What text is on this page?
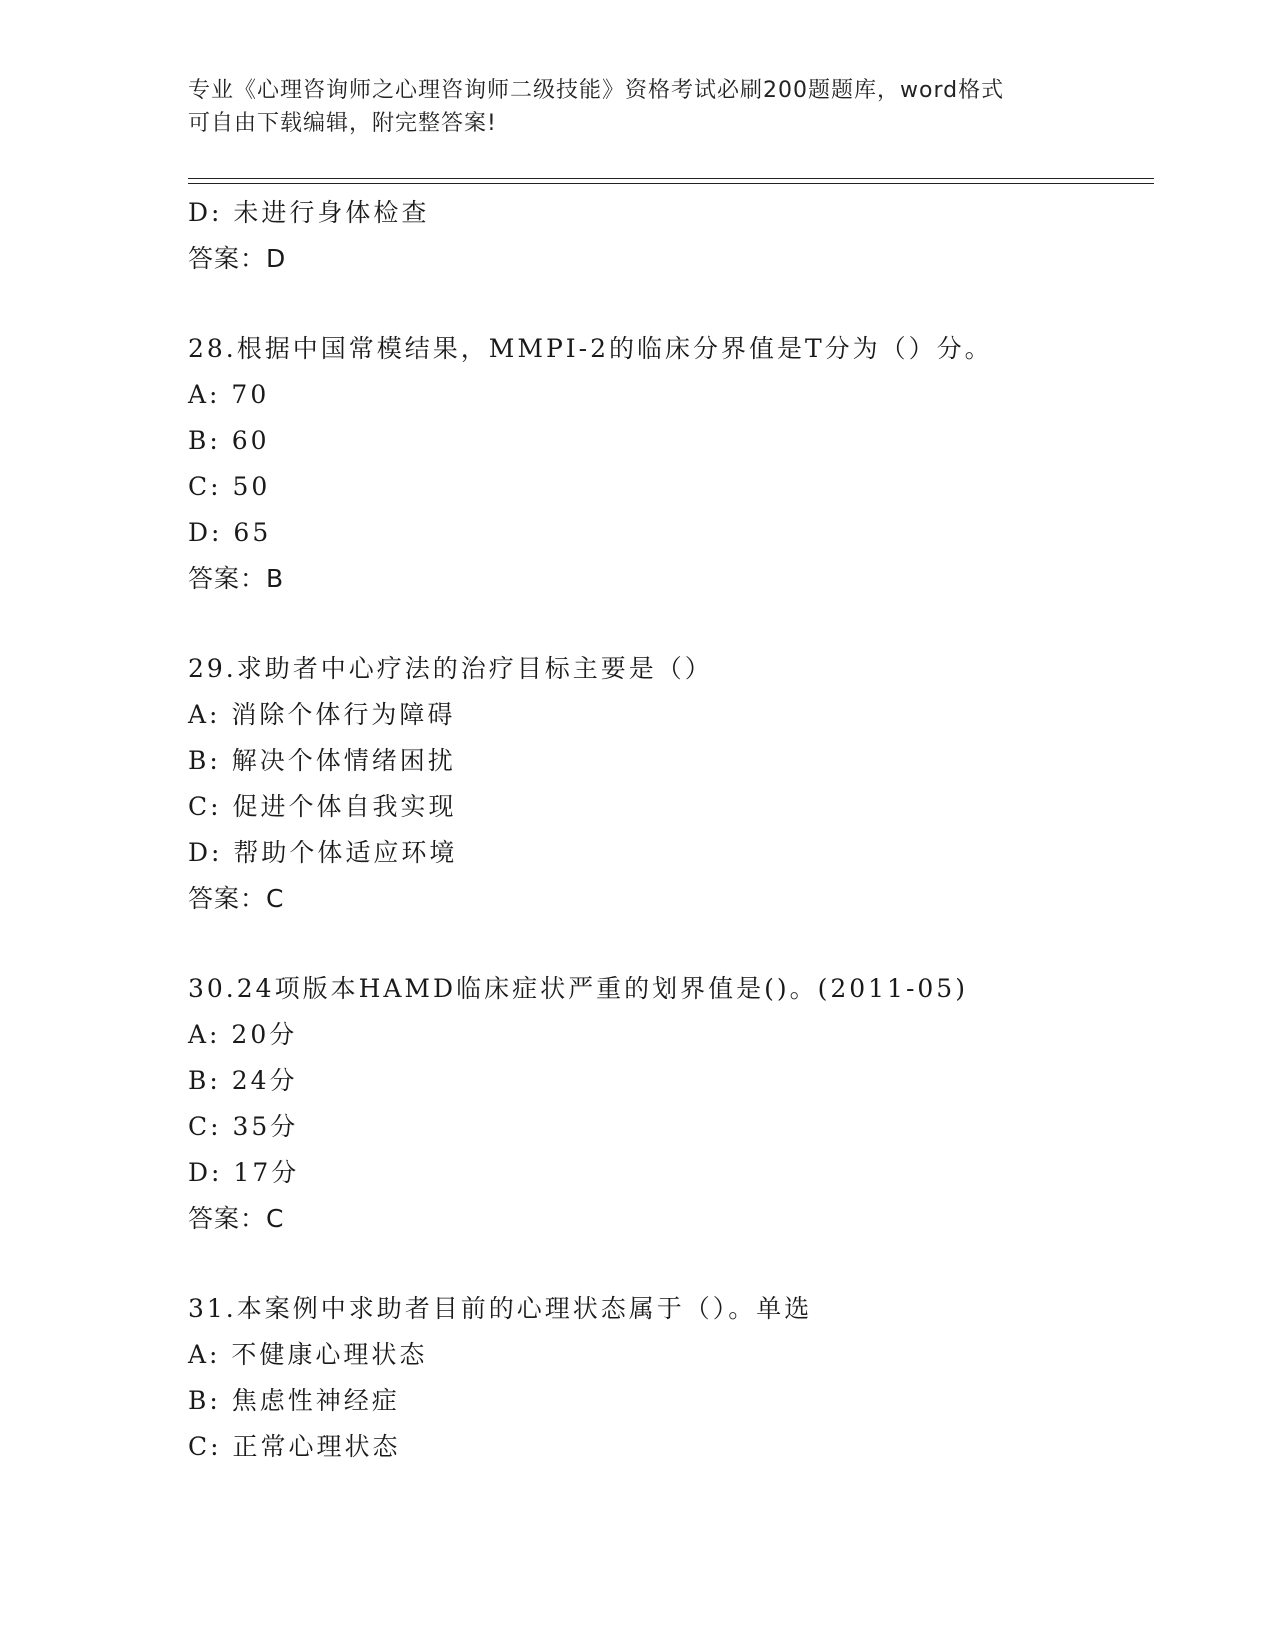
专业《心理咨询师之心理咨询师二级技能》资格考试必刷200题题库，word格式
可自由下载编辑，附完整答案!
D: 未进行身体检查
答案：D
28.根据中国常模结果，MMPI-2的临床分界值是T分为（）分。
A: 70
B: 60
C: 50
D: 65
答案：B
29.求助者中心疗法的治疗目标主要是（）
A: 消除个体行为障碍
B: 解决个体情绪困扰
C: 促进个体自我实现
D: 帮助个体适应环境
答案：C
30.24项版本HAMD临床症状严重的划界值是()。(2011-05)
A: 20分
B: 24分
C: 35分
D: 17分
答案：C
31.本案例中求助者目前的心理状态属于（）。单选
A: 不健康心理状态
B: 焦虑性神经症
C: 正常心理状态
